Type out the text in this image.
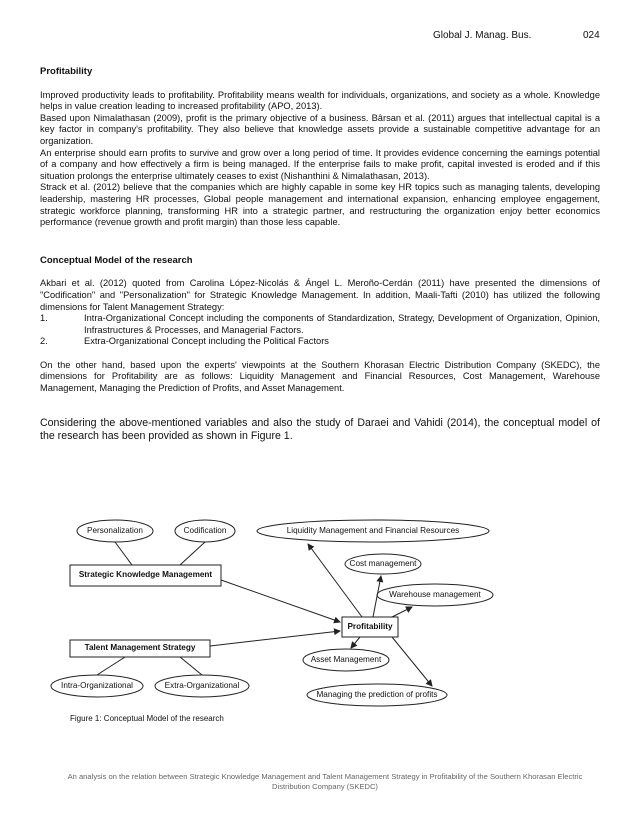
Global J. Manag. Bus.	024
Profitability

Improved productivity leads to profitability. Profitability means wealth for individuals, organizations, and society as a whole. Knowledge helps in value creation leading to increased profitability (APO, 2013).

Based upon Nimalathasan (2009), profit is the primary objective of a business. Bârsan et al. (2011) argues that intellectual capital is a key factor in company's profitability. They also believe that knowledge assets provide a sustainable competitive advantage for an organization.

An enterprise should earn profits to survive and grow over a long period of time. It provides evidence concerning the earnings potential of a company and how effectively a firm is being managed. If the enterprise fails to make profit, capital invested is eroded and if this situation prolongs the enterprise ultimately ceases to exist (Nishanthini & Nimalathasan, 2013).

Strack et al. (2012) believe that the companies which are highly capable in some key HR topics such as managing talents, developing leadership, mastering HR processes, Global people management and international expansion, enhancing employee engagement, strategic workforce planning, transforming HR into a strategic partner, and restructuring the organization enjoy better economics performance (revenue growth and profit margin) than those less capable.

Conceptual Model of the research

Akbari et al. (2012) quoted from Carolina López-Nicolás & Ángel L. Meroño-Cerdán (2011) have presented the dimensions of "Codification" and "Personalization" for Strategic Knowledge Management. In addition, Maali-Tafti (2010) has utilized the following dimensions for Talent Management Strategy:

1.	Intra-Organizational Concept including the components of Standardization, Strategy, Development of Organization, Opinion, Infrastructures & Processes, and Managerial Factors.
2.	Extra-Organizational Concept including the Political Factors

On the other hand, based upon the experts' viewpoints at the Southern Khorasan Electric Distribution Company (SKEDC), the dimensions for Profitability are as follows: Liquidity Management and Financial Resources, Cost Management, Warehouse Management, Managing the Prediction of Profits, and Asset Management.

Considering the above-mentioned variables and also the study of Daraei and Vahidi (2014), the conceptual model of the research has been provided as shown in Figure 1.

Personalization	Codification	Liquidity Management and Financial Resources
Cost management
Strategic Knowledge Management
Warehouse management
Profitability
Talent Management Strategy
Asset Management
Intra-Organizational	Extra-Organizational
Managing the prediction of profits
Figure 1: Conceptual Model of the research
An analysis on the relation between Strategic Knowledge Management and Talent Management Strategy in Profitability of the Southern Khorasan Electric Distribution Company (SKEDC)
